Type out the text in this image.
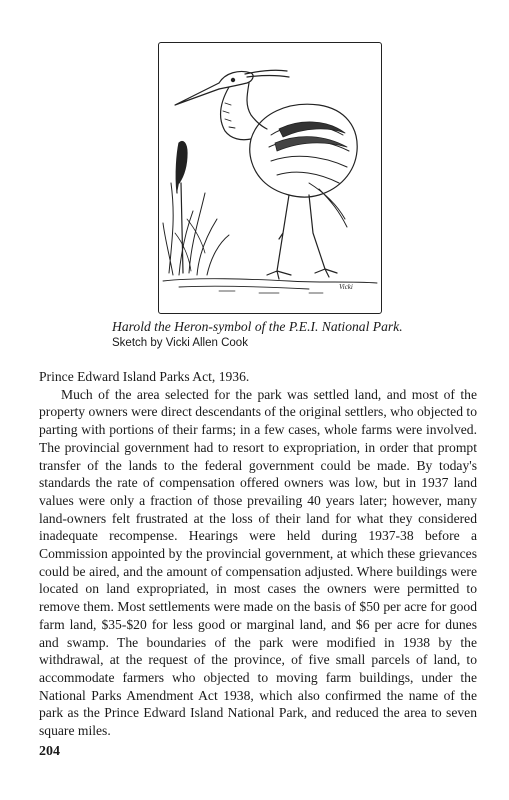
Vicki
Harold the Heron-symbol of the P.E.I. National Park.
Sketch by Vicki Allen Cook

Prince Edward Island Parks Act, 1936.

Much of the area selected for the park was settled land, and most of the property owners were direct descendants of the original settlers, who objected to parting with portions of their farms; in a few cases, whole farms were involved. The provincial government had to resort to expropriation, in order that prompt transfer of the lands to the federal government could be made. By today's standards the rate of compensation offered owners was low, but in 1937 land values were only a fraction of those prevailing 40 years later; however, many land-owners felt frustrated at the loss of their land for what they considered inadequate recompense. Hearings were held during 1937-38 before a Commission appointed by the provincial government, at which these grievances could be aired, and the amount of compensation adjusted. Where buildings were located on land expropriated, in most cases the owners were permitted to remove them. Most settlements were made on the basis of $50 per acre for good farm land, $35-$20 for less good or marginal land, and $6 per acre for dunes and swamp. The boundaries of the park were modified in 1938 by the withdrawal, at the request of the province, of five small parcels of land, to accommodate farmers who objected to moving farm buildings, under the National Parks Amendment Act 1938, which also confirmed the name of the park as the Prince Edward Island National Park, and reduced the area to seven square miles.

204
